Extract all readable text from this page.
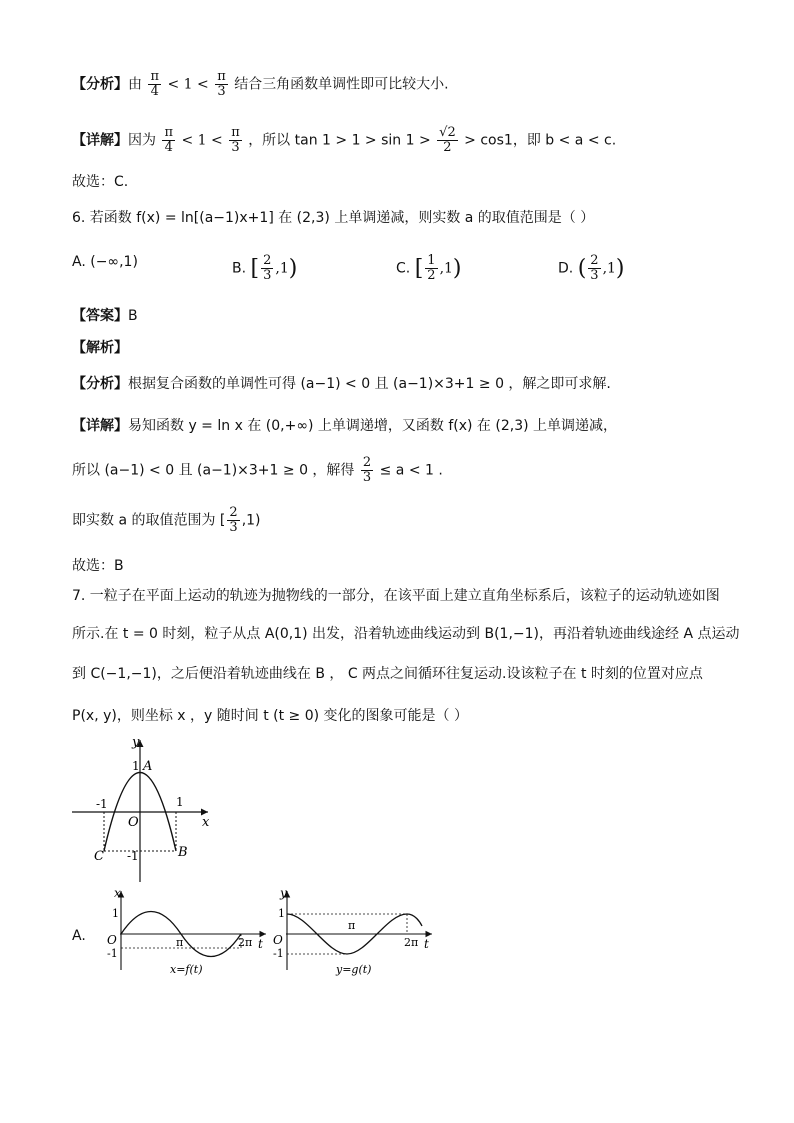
【分析】由 $\frac{\pi}{4} < 1 < \frac{\pi}{3}$ 结合三角函数单调性即可比较大小.
【详解】因为 $\frac{\pi}{4} < 1 < \frac{\pi}{3}$ ，所以 $\tan 1 > 1 > \sin 1 > \frac{√2}{2} > \cos 1$，即 b < a < c.
故选：C.
6. 若函数 f(x) = ln[(a−1)x+1] 在 (2,3) 上单调递减，则实数 a 的取值范围是（ ）
A. (−∞,1)	B. [ $\frac{2}{3} ,1$)	C. [ $\frac{1}{2} ,1$)	D. ( $\frac{2}{3} ,1$)
【答案】B
【解析】
【分析】根据复合函数的单调性可得 (a−1) < 0 且 (a−1)×3+1 ≥ 0 ，解之即可求解.
【详解】易知函数 y = ln x 在 (0,+∞) 上单调递增，又函数 f(x) 在 (2,3) 上单调递减，
所以 (a−1) < 0 且 (a−1)×3+1 ≥ 0 ，解得 $\frac{2}{3} \le a < 1$ .
即实数 a 的取值范围为 [ $\frac{2}{3} ,1$)
故选：B
7. 一粒子在平面上运动的轨迹为抛物线的一部分，在该平面上建立直角坐标系后，该粒子的运动轨迹如图
所示.在 t = 0 时刻，粒子从点 A(0,1) 出发，沿着轨迹曲线运动到 B(1,−1)，再沿着轨迹曲线途经 A 点运动
到 C(−1,−1)，之后便沿着轨迹曲线在 B ， C 两点之间循环往复运动.设该粒子在 t 时刻的位置对应点
P(x, y)，则坐标 x ，y 随时间 t (t ≥ 0) 变化的图象可能是（ ）
y
x
1 A
-1	1
O
-1
C	B
A.
x
t
1
O
-1
π	2π
x=f(t)
y
t
1
O
-1
π
2π
y=g(t)
